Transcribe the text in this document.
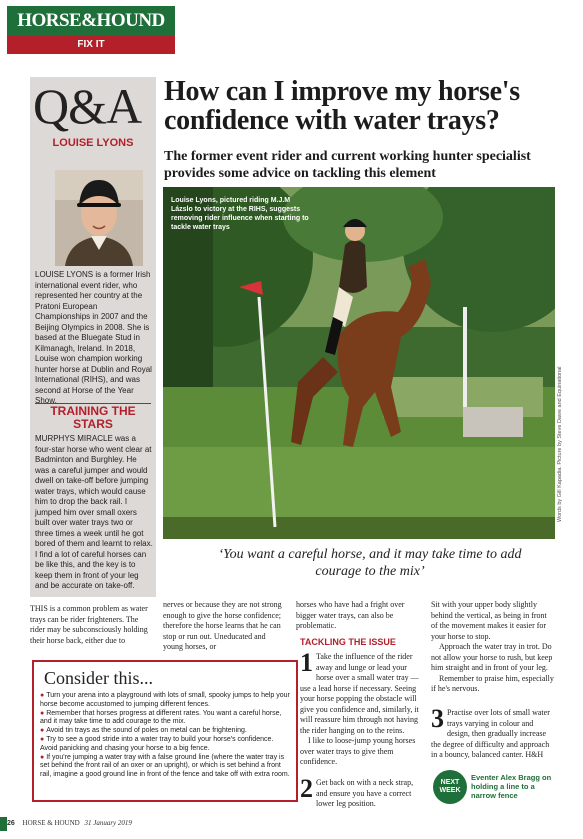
HORSE&HOUND
FIX IT
Q&A
LOUISE LYONS
LOUISE LYONS is a former Irish international event rider, who represented her country at the Pratoni European Championships in 2007 and the Beijing Olympics in 2008. She is based at the Bluegate Stud in Kilmanagh, Ireland. In 2018, Louise won champion working hunter horse at Dublin and Royal International (RIHS), and was second at Horse of the Year Show.
TRAINING THE STARS
MURPHYS MIRACLE was a four-star horse who went clear at Badminton and Burghley. He was a careful jumper and would dwell on take-off before jumping water trays, which would cause him to drop the back rail. I jumped him over small oxers built over water trays two or three times a week until he got bored of them and learnt to relax. I find a lot of careful horses can be like this, and the key is to keep them in front of your leg and be accurate on take-off.
How can I improve my horse's confidence with water trays?
The former event rider and current working hunter specialist provides some advice on tackling this element
Louise Lyons, pictured riding M.J.M Lázslo to victory at the RIHS, suggests removing rider influence when starting to tackle water trays
Words by Gill Kapadia. Picture by Steve Dawe and Equinational
‘You want a careful horse, and it may take time to add courage to the mix’
THIS is a common problem as water trays can be rider frighteners. The rider may be subconsciously holding their horse back, either due to
nerves or because they are not strong enough to give the horse confidence; therefore the horse learns that he can stop or run out. Uneducated and young horses, or
horses who have had a fright over bigger water trays, can also be problematic.
TACKLING THE ISSUE
1 Take the influence of the rider away and lunge or lead your horse over a small water tray — use a lead horse if necessary. Seeing your horse popping the obstacle will give you confidence and, similarly, it will reassure him through not having the rider hanging on to the reins.
I like to loose-jump young horses over water trays to give them confidence.
2 Get back on with a neck strap, and ensure you have a correct lower leg position.
Sit with your upper body slightly behind the vertical, as being in front of the movement makes it easier for your horse to stop.
Approach the water tray in trot. Do not allow your horse to rush, but keep him straight and in front of your leg.
Remember to praise him, especially if he's nervous.
3 Practise over lots of small water trays varying in colour and design, then gradually increase the degree of difficulty and approach in a bouncy, balanced canter. H&H
Consider this...
● Turn your arena into a playground with lots of small, spooky jumps to help your horse become accustomed to jumping different fences.
● Remember that horses progress at different rates. You want a careful horse, and it may take time to add courage to the mix.
● Avoid tin trays as the sound of poles on metal can be frightening.
● Try to see a good stride into a water tray to build your horse's confidence. Avoid panicking and chasing your horse to a big fence.
● If you're jumping a water tray with a false ground line (where the water tray is set behind the front rail of an oxer or an upright), or which is set behind a front rail, imagine a good ground line in front of the fence and take off with extra room.
NEXT WEEK
Eventer Alex Bragg on holding a line to a narrow fence
26 HORSE & HOUND 31 January 2019
